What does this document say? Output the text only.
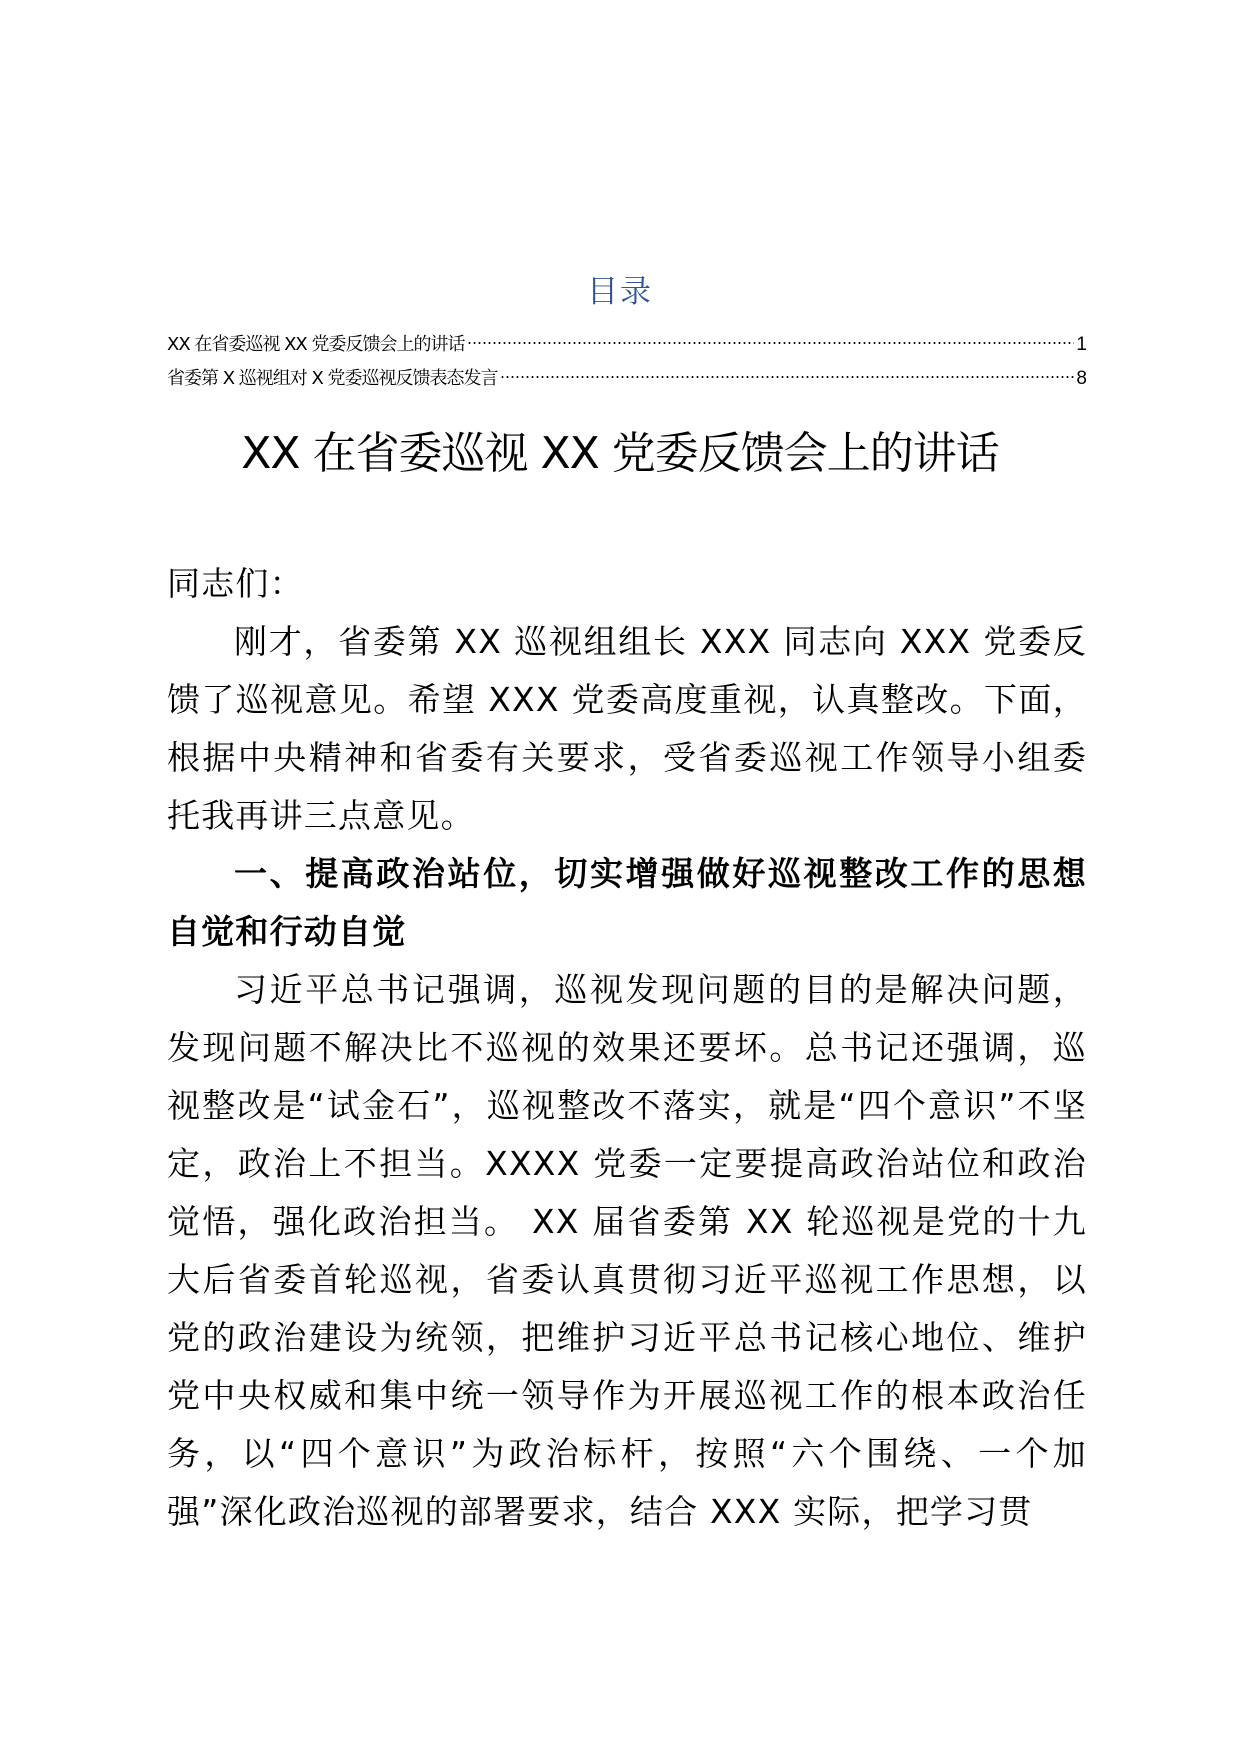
目录
XX 在省委巡视 XX 党委反馈会上的讲话	1
省委第 X 巡视组对 X 党委巡视反馈表态发言	8
XX 在省委巡视 XX 党委反馈会上的讲话

同志们：

刚才，省委第 XX 巡视组组长 XXX 同志向 XXX 党委反馈了巡视意见。希望 XXX 党委高度重视，认真整改。下面，根据中央精神和省委有关要求，受省委巡视工作领导小组委托我再讲三点意见。

一、提高政治站位，切实增强做好巡视整改工作的思想自觉和行动自觉

习近平总书记强调，巡视发现问题的目的是解决问题，发现问题不解决比不巡视的效果还要坏。总书记还强调，巡视整改是“试金石”，巡视整改不落实，就是“四个意识”不坚定，政治上不担当。XXXX 党委一定要提高政治站位和政治觉悟，强化政治担当。 XX 届省委第 XX 轮巡视是党的十九大后省委首轮巡视，省委认真贯彻习近平巡视工作思想，以党的政治建设为统领，把维护习近平总书记核心地位、维护党中央权威和集中统一领导作为开展巡视工作的根本政治任务，以“四个意识”为政治标杆，按照“六个围绕、一个加强”深化政治巡视的部署要求，结合 XXX 实际，把学习贯
